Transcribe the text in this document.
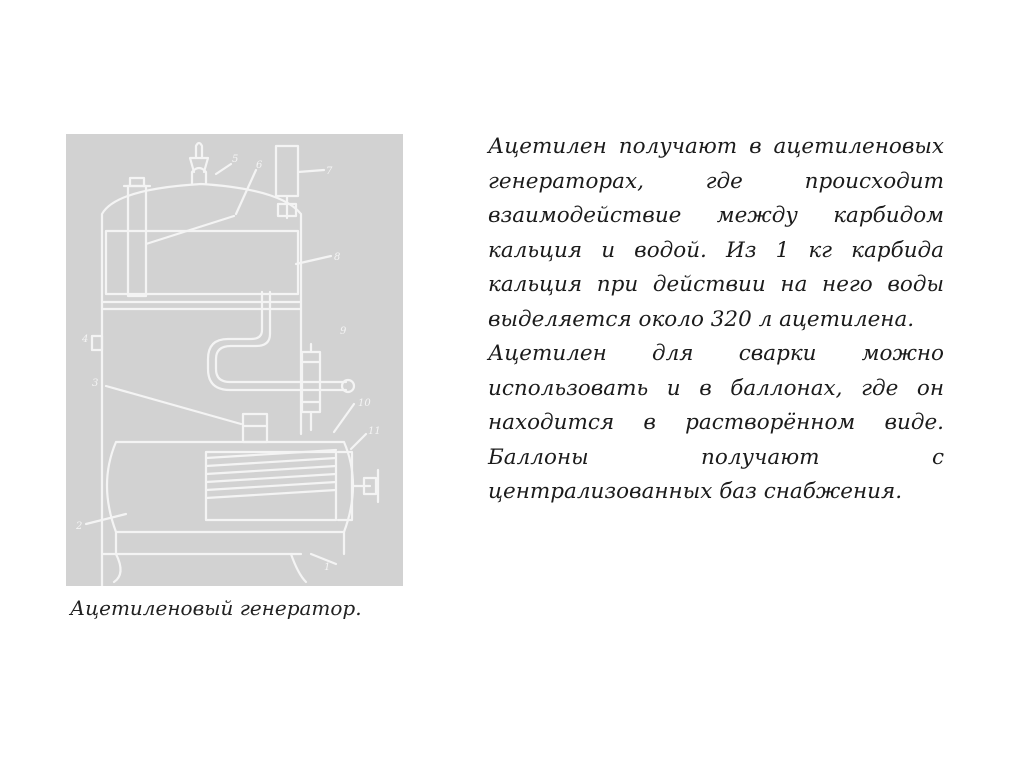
2
1
3
4
5
6
7
8
9
10
11
Ацетиленовый генератор.

Ацетилен получают в ацетиленовых генераторах, где происходит взаимодействие между карбидом кальция и водой. Из 1 кг карбида кальция при действии на него воды выделяется около 320 л ацетилена.

Ацетилен для сварки можно использовать и в баллонах, где он находится в растворённом виде. Баллоны получают с централизованных баз снабжения.
